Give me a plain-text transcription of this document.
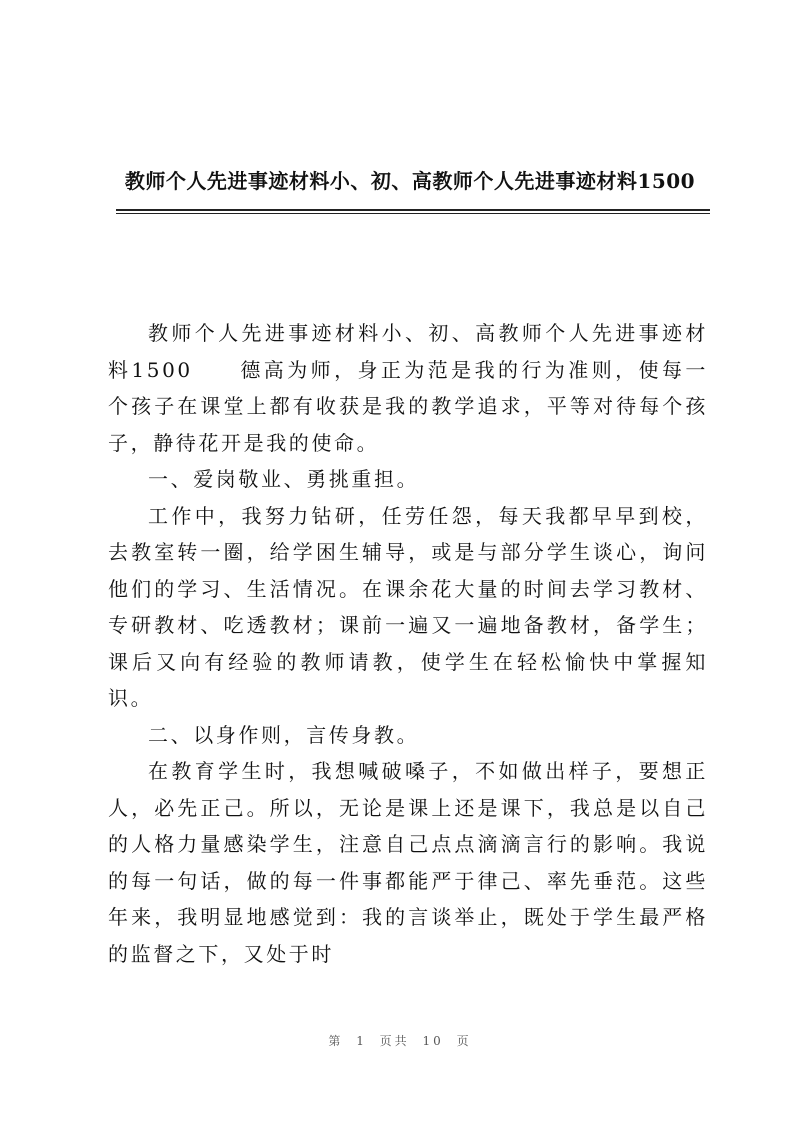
教师个人先进事迹材料小、初、高教师个人先进事迹材料1500

教师个人先进事迹材料小、初、高教师个人先进事迹材料1500　　德高为师，身正为范是我的行为准则，使每一个孩子在课堂上都有收获是我的教学追求，平等对待每个孩子，静待花开是我的使命。

一、爱岗敬业、勇挑重担。

工作中，我努力钻研，任劳任怨，每天我都早早到校，去教室转一圈，给学困生辅导，或是与部分学生谈心，询问他们的学习、生活情况。在课余花大量的时间去学习教材、专研教材、吃透教材；课前一遍又一遍地备教材，备学生；课后又向有经验的教师请教，使学生在轻松愉快中掌握知识。

二、以身作则，言传身教。

在教育学生时，我想喊破嗓子，不如做出样子，要想正人，必先正己。所以，无论是课上还是课下，我总是以自己的人格力量感染学生，注意自己点点滴滴言行的影响。我说的每一句话，做的每一件事都能严于律己、率先垂范。这些年来，我明显地感觉到：我的言谈举止，既处于学生最严格的监督之下，又处于时

第 1 页共 10 页
